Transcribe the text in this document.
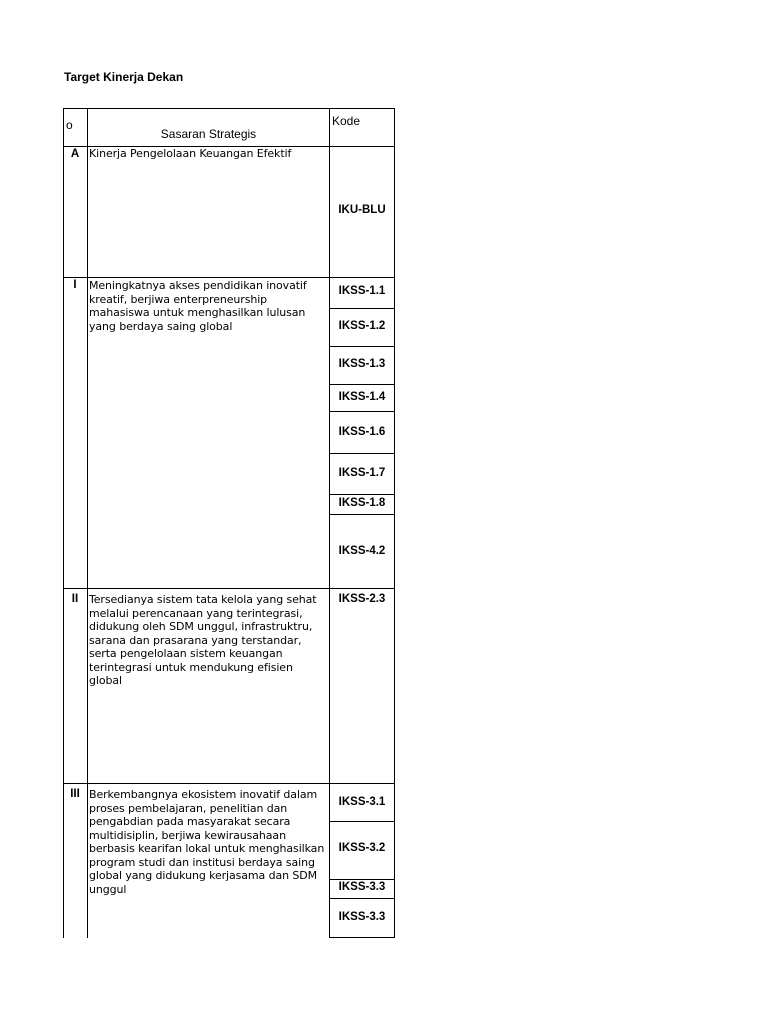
Target Kinerja Dekan
o
Sasaran Strategis
Kode
A Kinerja Pengelolaan Keuangan Efektif
IKU-BLU
I	Meningkatnya akses pendidikan inovatif kreatif, berjiwa enterpreneurship mahasiswa untuk menghasilkan lulusan yang berdaya saing global
IKSS-1.1
IKSS-1.2
IKSS-1.3
IKSS-1.4
IKSS-1.6
IKSS-1.7
IKSS-1.8
IKSS-4.2
II Tersedianya sistem tata kelola yang sehat melalui perencanaan yang terintegrasi, didukung oleh SDM unggul, infrastruktru, sarana dan prasarana yang terstandar, serta pengelolaan sistem keuangan terintegrasi untuk mendukung efisien global
IKSS-2.3
III Berkembangnya ekosistem inovatif dalam proses pembelajaran, penelitian dan pengabdian pada masyarakat secara multidisiplin, berjiwa kewirausahaan berbasis kearifan lokal untuk menghasilkan program studi dan institusi berdaya saing global yang didukung kerjasama dan SDM unggul
IKSS-3.1
IKSS-3.2
IKSS-3.3
IKSS-3.3
